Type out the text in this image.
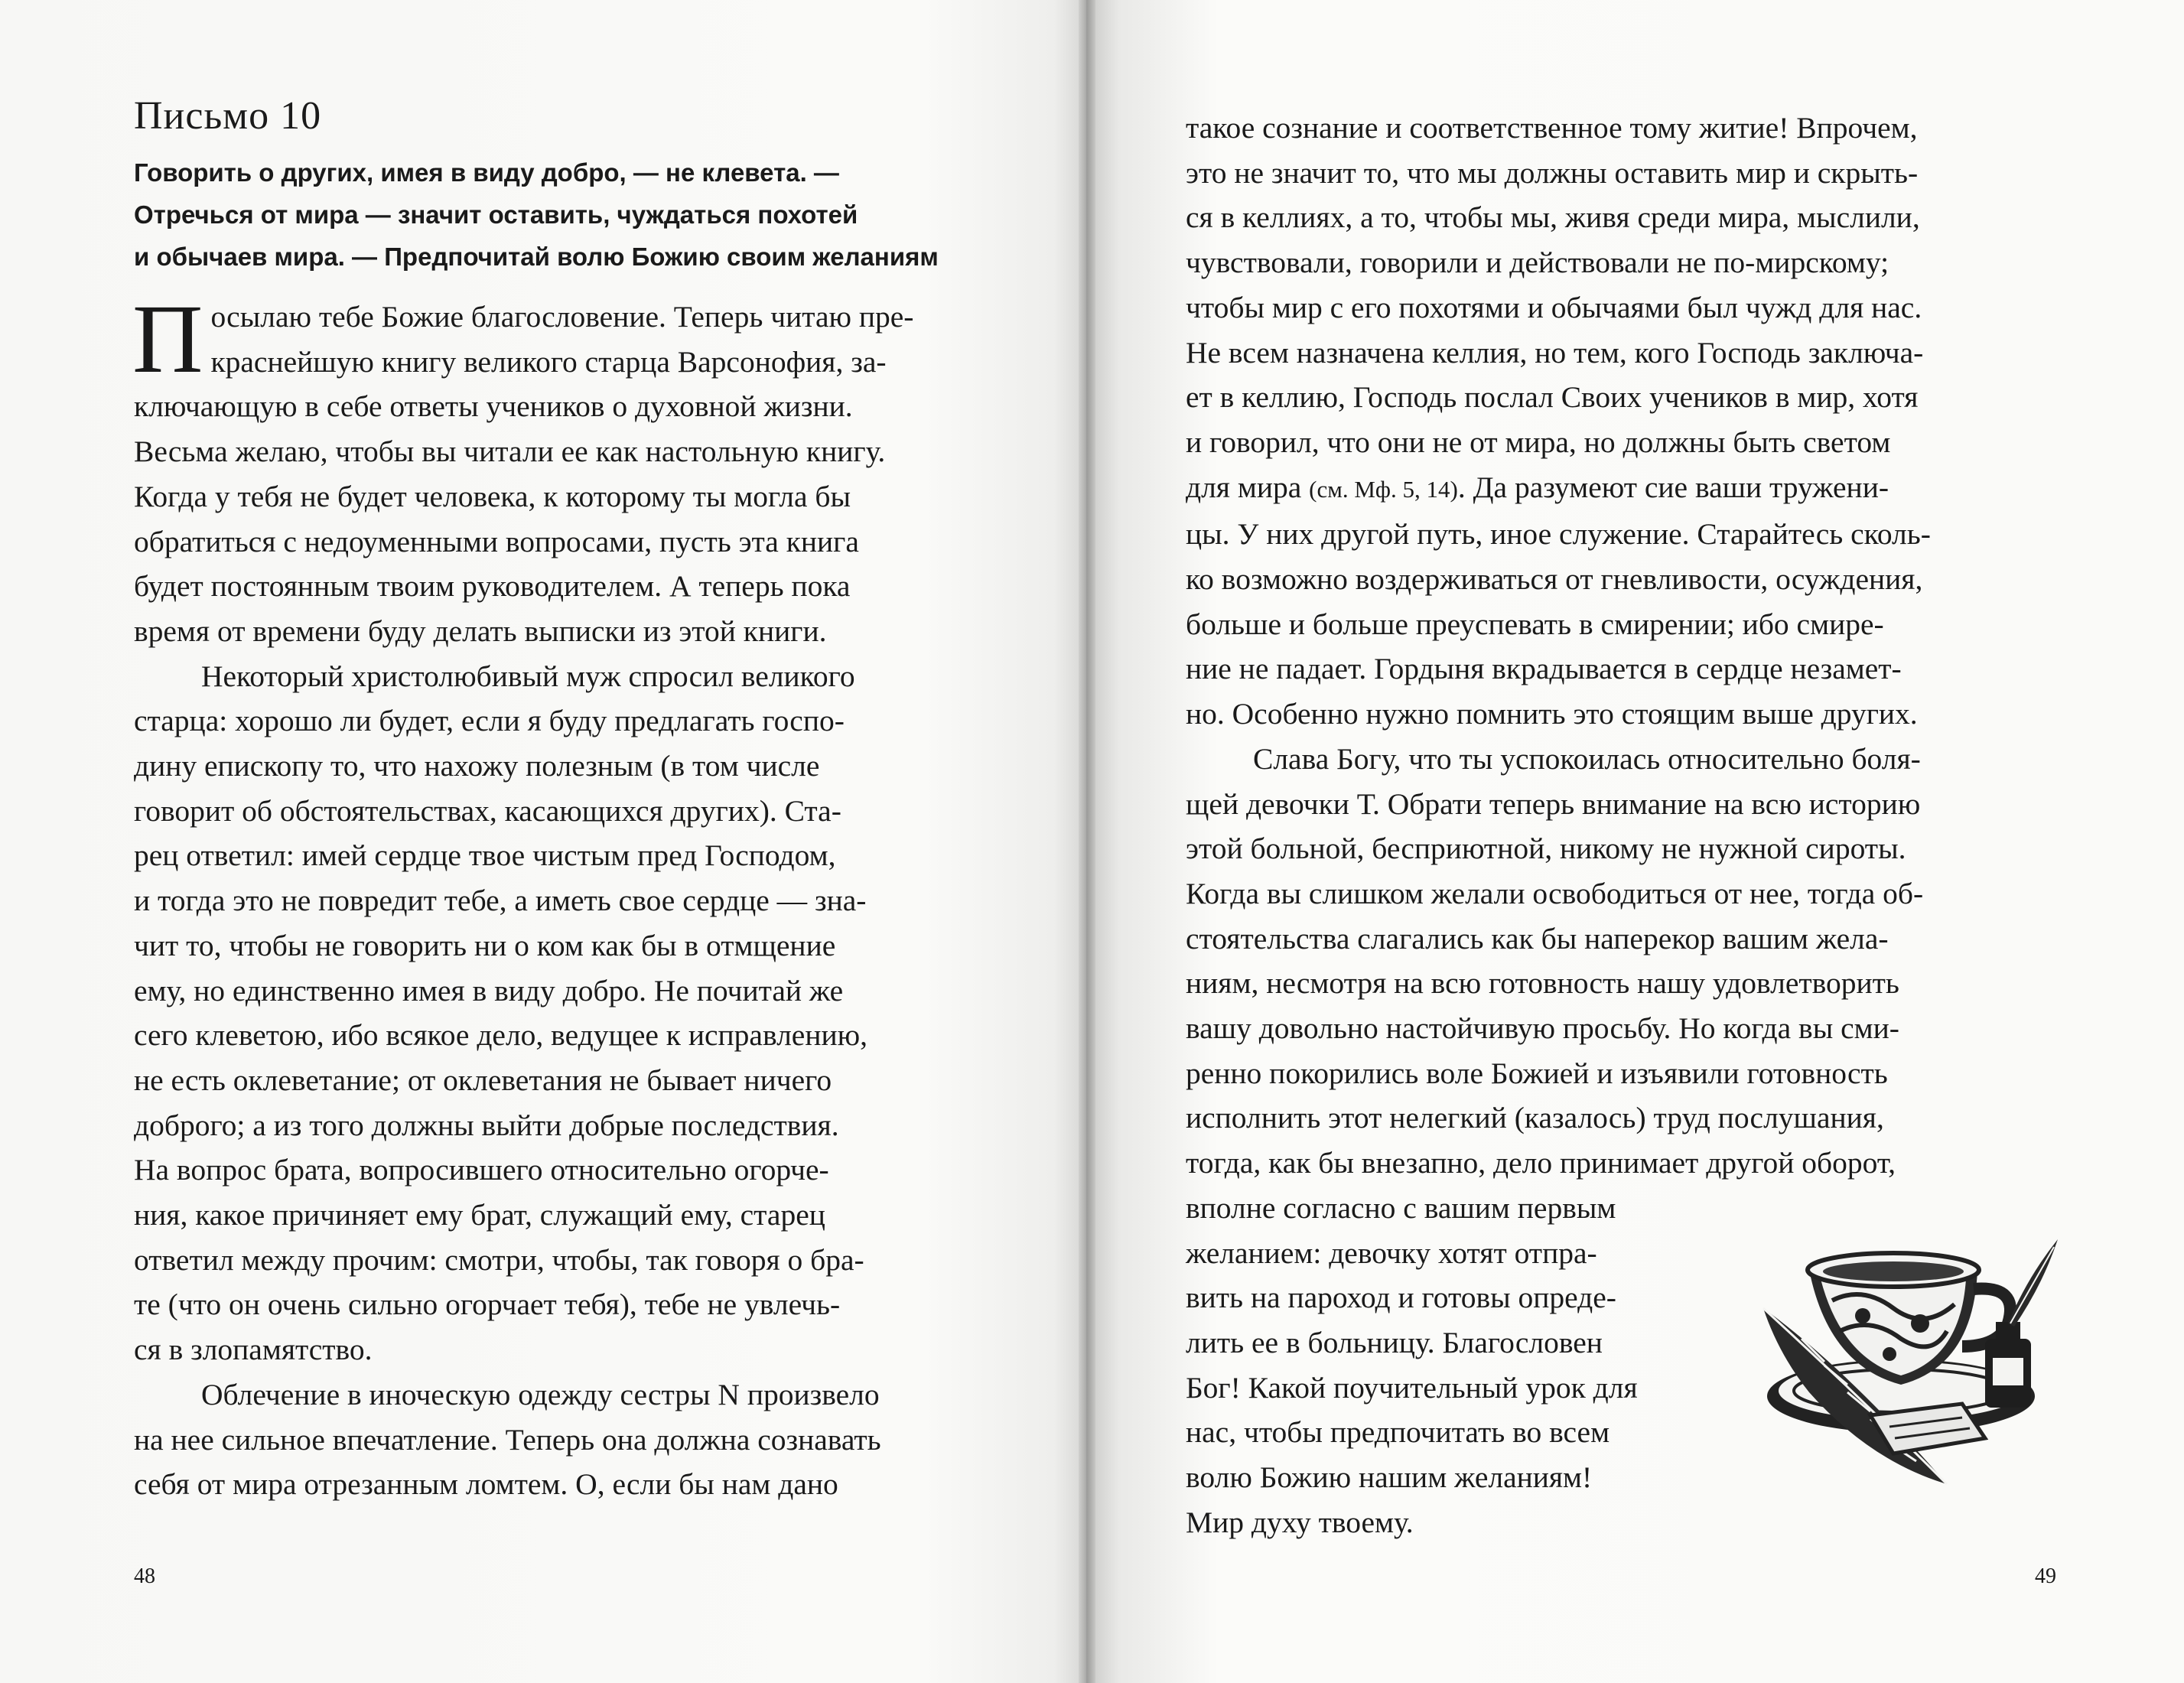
Письмо 10
Говорить о других, имея в виду добро, — не клевета. —
Отречься от мира — значит оставить, чуждаться похотей
и обычаев мира. — Предпочитай волю Божию своим желаниям
П осылаю тебе Божие благословение. Теперь читаю пре-
краснейшую книгу великого старца Варсонофия, за-
ключающую в себе ответы учеников о духовной жизни.
Весьма желаю, чтобы вы читали ее как настольную книгу.
Когда у тебя не будет человека, к которому ты могла бы
обратиться с недоуменными вопросами, пусть эта книга
будет постоянным твоим руководителем. А теперь пока
время от времени буду делать выписки из этой книги.
Некоторый христолюбивый муж спросил великого
старца: хорошо ли будет, если я буду предлагать госпо-
дину епископу то, что нахожу полезным (в том числе
говорит об обстоятельствах, касающихся других). Ста-
рец ответил: имей сердце твое чистым пред Господом,
и тогда это не повредит тебе, а иметь свое сердце — зна-
чит то, чтобы не говорить ни о ком как бы в отмщение
ему, но единственно имея в виду добро. Не почитай же
сего клеветою, ибо всякое дело, ведущее к исправлению,
не есть оклеветание; от оклеветания не бывает ничего
доброго; а из того должны выйти добрые последствия.
На вопрос брата, вопросившего относительно огорче-
ния, какое причиняет ему брат, служащий ему, старец
ответил между прочим: смотри, чтобы, так говоря о бра-
те (что он очень сильно огорчает тебя), тебе не увлечь-
ся в злопамятство.
Облечение в иноческую одежду сестры N произвело
на нее сильное впечатление. Теперь она должна сознавать
себя от мира отрезанным ломтем. О, если бы нам дано
48
такое сознание и соответственное тому житие! Впрочем,
это не значит то, что мы должны оставить мир и скрыть-
ся в келлиях, а то, чтобы мы, живя среди мира, мыслили,
чувствовали, говорили и действовали не по-мирскому;
чтобы мир с его похотями и обычаями был чужд для нас.
Не всем назначена келлия, но тем, кого Господь заключа-
ет в келлию, Господь послал Своих учеников в мир, хотя
и говорил, что они не от мира, но должны быть светом
для мира (см. Мф. 5, 14). Да разумеют сие ваши тружени-
цы. У них другой путь, иное служение. Старайтесь сколь-
ко возможно воздерживаться от гневливости, осуждения,
больше и больше преуспевать в смирении; ибо смире-
ние не падает. Гордыня вкрадывается в сердце незамет-
но. Особенно нужно помнить это стоящим выше других.
Слава Богу, что ты успокоилась относительно боля-
щей девочки Т. Обрати теперь внимание на всю историю
этой больной, бесприютной, никому не нужной сироты.
Когда вы слишком желали освободиться от нее, тогда об-
стоятельства слагались как бы наперекор вашим жела-
ниям, несмотря на всю готовность нашу удовлетворить
вашу довольно настойчивую просьбу. Но когда вы сми-
ренно покорились воле Божией и изъявили готовность
исполнить этот нелегкий (казалось) труд послушания,
тогда, как бы внезапно, дело принимает другой оборот,
вполне согласно с вашим первым
желанием: девочку хотят отпра-
вить на пароход и готовы опреде-
лить ее в больницу. Благословен
Бог! Какой поучительный урок для
нас, чтобы предпочитать во всем
волю Божию нашим желаниям!
Мир духу твоему.
49
